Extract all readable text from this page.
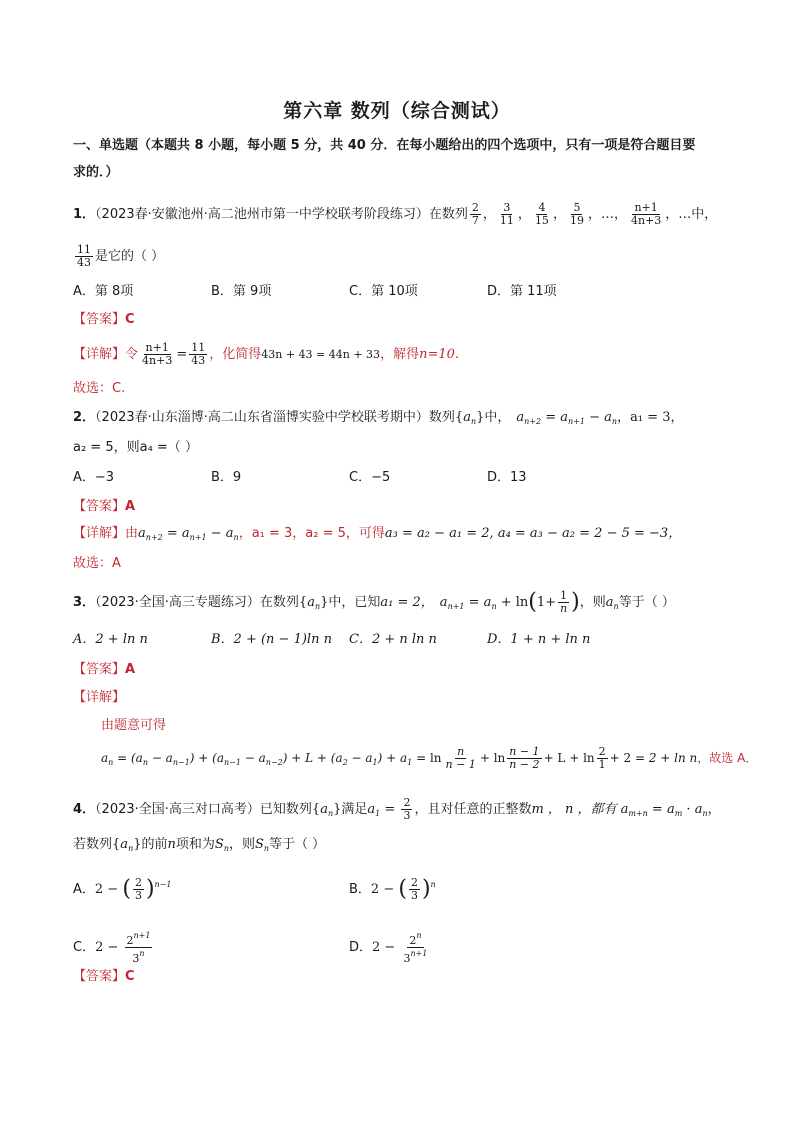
第六章 数列（综合测试）
一、单选题（本题共 8 小题，每小题 5 分，共 40 分．在每小题给出的四个选项中，只有一项是符合题目要
求的．）
1．（2023春·安徽池州·高二池州市第一中学校联考阶段练习）在数列 $\frac{2}{7}$ ， $\frac{3}{11}$ ， $\frac{4}{15}$ ， $\frac{5}{19}$ ，…， $\frac{n+1}{4n+3}$ ，…中，
$\frac{11}{43}$ 是它的（ ）
A．第 8项	B．第 9项	C．第 10项	D．第 11项
【答案】C
【详解】令 $\frac{n+1}{4n+3} = \frac{11}{43}$ ，化简得43n + 43 = 44n + 33，解得n=10.
故选：C.
2．（2023春·山东淄博·高二山东省淄博实验中学校联考期中）数列$\{a_n\}$中， $a_{n+2} = a_{n+1} - a_n$，a₁ = 3，
a₂ = 5，则a₄ =（ ）
A．−3	B．9	C．−5	D．13
【答案】A
【详解】由$a_{n+2} = a_{n+1} - a_n$，a₁ = 3，a₂ = 5，可得a₃ = a₂ − a₁ = 2, a₄ = a₃ − a₂ = 2 − 5 = −3，
故选：A
3．（2023·全国·高三专题练习）在数列$\{a_n\}$中，已知a₁ = 2， $a_{n+1} = a_n + \ln(1+ \frac{1}{n}$ )，则$a_n$等于（ ）
A．2 + ln n	B．2 + (n − 1)ln n C．2 + n ln n	D．1 + n + ln n
【答案】A
【详解】
由题意可得
$a_n = (a_n - a_{n-1}) + (a_{n-1} - a_{n-2}) + L + (a_2 - a_1) + a_1 = \ln \frac{n}{n - 1} + \ln \frac{n - 1}{n - 2} + L + \ln \frac{2}{1} + 2 = 2 + \ln n$，故选 A．
4．（2023·全国·高三对口高考）已知数列$\{a_n\}$满足$a_1 = \frac{2}{3}$ ，且对任意的正整数m ， n ，都有 $a_{m+n} = a_m \cdot a_n$，
若数列$\{a_n\}$的前n项和为$S_n$，则$S_n$等于（ ）
A．2 − ( $\frac{2}{3} )^{n-1}$	B．2 − ( $\frac{2}{3} )^n$
C．$2 - \frac{2^{n+1}}{3^n}$	D．$2 - \frac{2^n}{3^{n+1}}$
【答案】C
